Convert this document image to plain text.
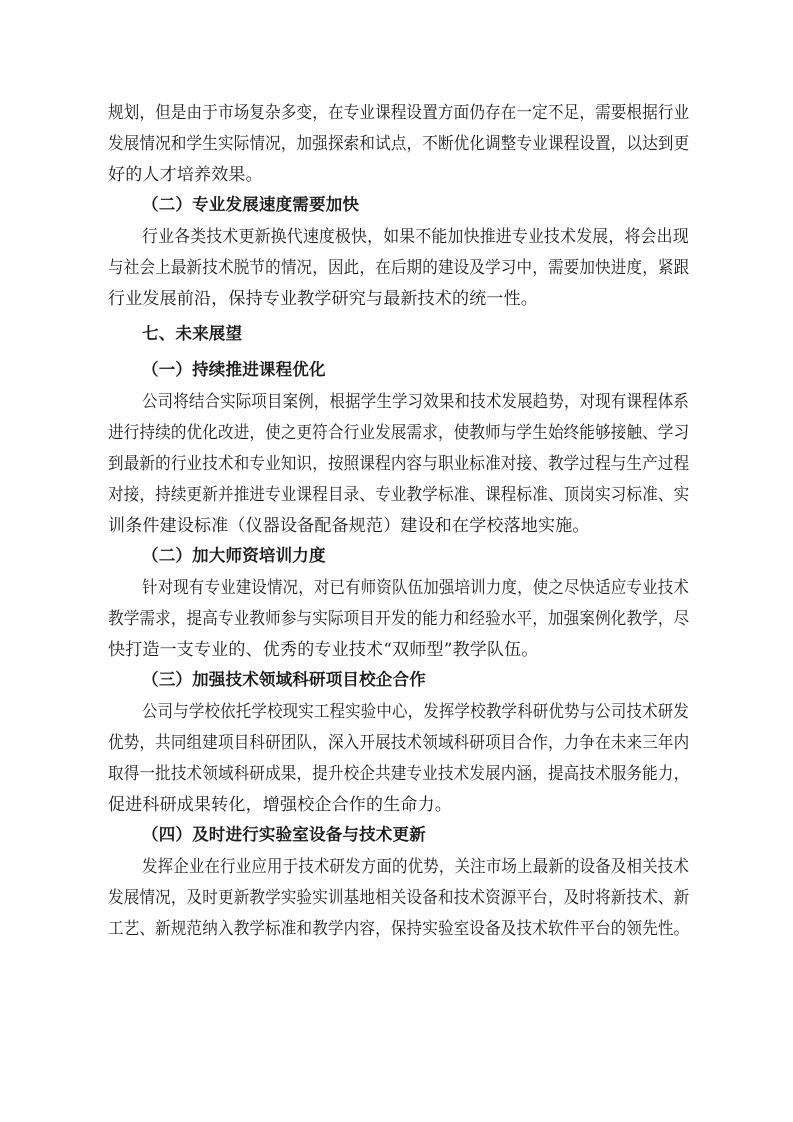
规划，但是由于市场复杂多变，在专业课程设置方面仍存在一定不足，需要根据行业
发展情况和学生实际情况，加强探索和试点，不断优化调整专业课程设置，以达到更
好的人才培养效果。
（二）专业发展速度需要加快
行业各类技术更新换代速度极快，如果不能加快推进专业技术发展，将会出现
与社会上最新技术脱节的情况，因此，在后期的建设及学习中，需要加快进度，紧跟
行业发展前沿，保持专业教学研究与最新技术的统一性。
七、未来展望
（一）持续推进课程优化
公司将结合实际项目案例，根据学生学习效果和技术发展趋势，对现有课程体系
进行持续的优化改进，使之更符合行业发展需求，使教师与学生始终能够接触、学习
到最新的行业技术和专业知识，按照课程内容与职业标准对接、教学过程与生产过程
对接，持续更新并推进专业课程目录、专业教学标准、课程标准、顶岗实习标准、实
训条件建设标准（仪器设备配备规范）建设和在学校落地实施。
（二）加大师资培训力度
针对现有专业建设情况，对已有师资队伍加强培训力度，使之尽快适应专业技术
教学需求，提高专业教师参与实际项目开发的能力和经验水平，加强案例化教学，尽
快打造一支专业的、优秀的专业技术“双师型”教学队伍。
（三）加强技术领域科研项目校企合作
公司与学校依托学校现实工程实验中心，发挥学校教学科研优势与公司技术研发
优势，共同组建项目科研团队，深入开展技术领域科研项目合作，力争在未来三年内
取得一批技术领域科研成果，提升校企共建专业技术发展内涵，提高技术服务能力，
促进科研成果转化，增强校企合作的生命力。
（四）及时进行实验室设备与技术更新
发挥企业在行业应用于技术研发方面的优势，关注市场上最新的设备及相关技术
发展情况，及时更新教学实验实训基地相关设备和技术资源平台，及时将新技术、新
工艺、新规范纳入教学标准和教学内容，保持实验室设备及技术软件平台的领先性。
